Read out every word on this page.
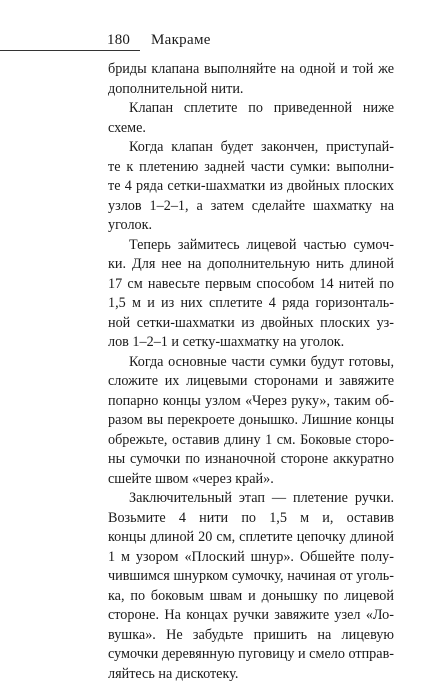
180 Макраме
бриды клапана выполняйте на одной и той же
дополнительной нити.
Клапан сплетите по приведенной ниже
схеме.
Когда клапан будет закончен, приступай-
те к плетению задней части сумки: выполни-
те 4 ряда сетки-шахматки из двойных плоских
узлов 1–2–1, а затем сделайте шахматку на
уголок.
Теперь займитесь лицевой частью сумоч-
ки. Для нее на дополнительную нить длиной
17 см навесьте первым способом 14 нитей по
1,5 м и из них сплетите 4 ряда горизонталь-
ной сетки-шахматки из двойных плоских уз-
лов 1–2–1 и сетку-шахматку на уголок.
Когда основные части сумки будут готовы,
сложите их лицевыми сторонами и завяжите
попарно концы узлом «Через руку», таким об-
разом вы перекроете донышко. Лишние концы
обрежьте, оставив длину 1 см. Боковые сторо-
ны сумочки по изнаночной стороне аккуратно
сшейте швом «через край».
Заключительный этап — плетение ручки.
Возьмите 4 нити по 1,5 м и, оставив
концы длиной 20 см, сплетите цепочку длиной
1 м узором «Плоский шнур». Обшейте полу-
чившимся шнурком сумочку, начиная от уголь-
ка, по боковым швам и донышку по лицевой
стороне. На концах ручки завяжите узел «Ло-
вушка». Не забудьте пришить на лицевую
сумочки деревянную пуговицу и смело отправ-
ляйтесь на дискотеку.
